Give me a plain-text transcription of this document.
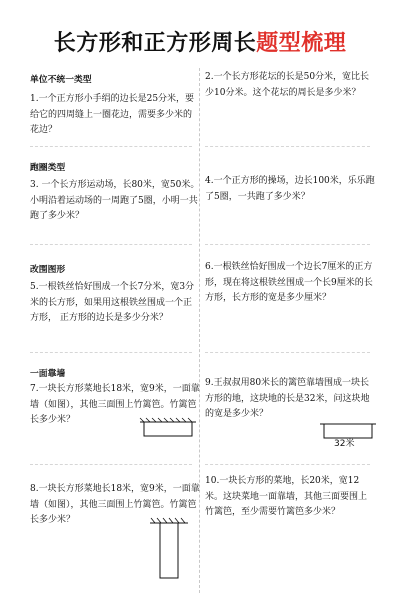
长方形和正方形周长题型梳理
单位不统一类型
1.一个正方形小手绢的边长是25分米，要给它的四周缝上一圈花边，需要多少米的花边？
2.一个长方形花坛的长是50分米，宽比长少10分米。这个花坛的周长是多少米？
跑圈类型
3. 一个长方形运动场，长80米，宽50米。小明沿着运动场的一周跑了5圈，小明一共跑了多少米？
4.一个正方形的操场，边长100米，乐乐跑了5圈，一共跑了多少米？
改围图形
5.一根铁丝恰好围成一个长7分米，宽3分米的长方形，如果用这根铁丝围成一个正方形， 正方形的边长是多少分米？
6.一根铁丝恰好围成一个边长7厘米的正方形，现在将这根铁丝围成一个长9厘米的长方形，长方形的宽是多少厘米？
一面靠墙
7.一块长方形菜地长18米，宽9米，一面靠墙（如图），其他三面围上竹篱笆。竹篱笆长多少米？
9.王叔叔用80米长的篱笆靠墙围成一块长方形的地，这块地的长是32米，问这块地的宽是多少米？
32米
8.一块长方形菜地长18米，宽9米，一面靠墙（如图），其他三面围上竹篱笆。竹篱笆长多少米？
10.一块长方形的菜地，长20米，宽12米。这块菜地一面靠墙，其他三面要围上竹篱笆，至少需要竹篱笆多少米？
